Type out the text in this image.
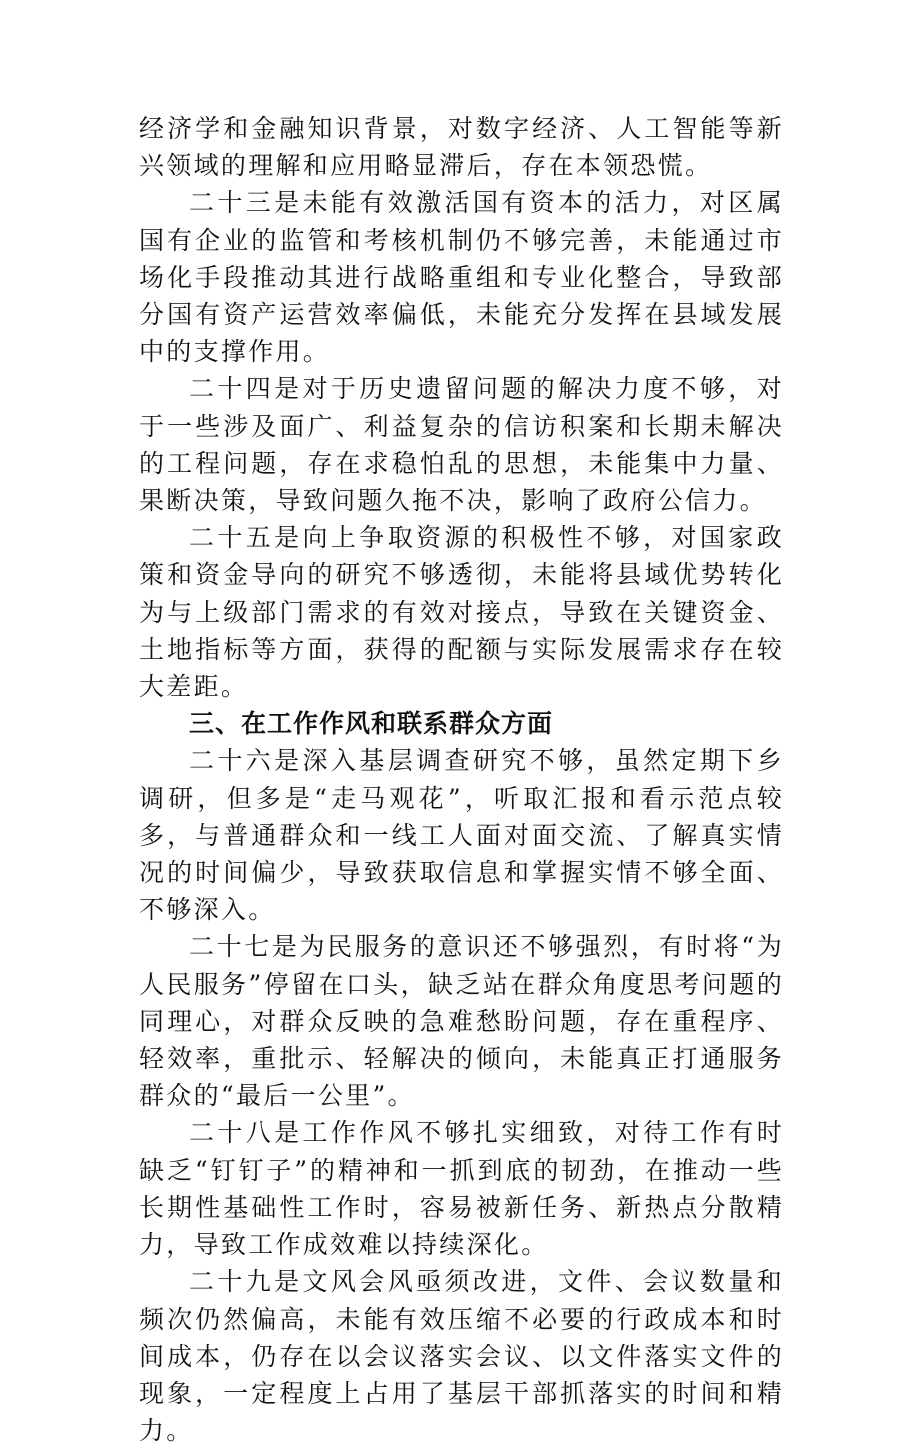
经济学和金融知识背景，对数字经济、人工智能等新兴领域的理解和应用略显滞后，存在本领恐慌。

二十三是未能有效激活国有资本的活力，对区属国有企业的监管和考核机制仍不够完善，未能通过市场化手段推动其进行战略重组和专业化整合，导致部分国有资产运营效率偏低，未能充分发挥在县域发展中的支撑作用。

二十四是对于历史遗留问题的解决力度不够，对于一些涉及面广、利益复杂的信访积案和长期未解决的工程问题，存在求稳怕乱的思想，未能集中力量、果断决策，导致问题久拖不决，影响了政府公信力。

二十五是向上争取资源的积极性不够，对国家政策和资金导向的研究不够透彻，未能将县域优势转化为与上级部门需求的有效对接点，导致在关键资金、土地指标等方面，获得的配额与实际发展需求存在较大差距。

三、在工作作风和联系群众方面

二十六是深入基层调查研究不够，虽然定期下乡调研，但多是“走马观花”，听取汇报和看示范点较多，与普通群众和一线工人面对面交流、了解真实情况的时间偏少，导致获取信息和掌握实情不够全面、不够深入。

二十七是为民服务的意识还不够强烈，有时将“为人民服务”停留在口头，缺乏站在群众角度思考问题的同理心，对群众反映的急难愁盼问题，存在重程序、轻效率，重批示、轻解决的倾向，未能真正打通服务群众的“最后一公里”。

二十八是工作作风不够扎实细致，对待工作有时缺乏“钉钉子”的精神和一抓到底的韧劲，在推动一些长期性基础性工作时，容易被新任务、新热点分散精力，导致工作成效难以持续深化。

二十九是文风会风亟须改进，文件、会议数量和频次仍然偏高，未能有效压缩不必要的行政成本和时间成本，仍存在以会议落实会议、以文件落实文件的现象，一定程度上占用了基层干部抓落实的时间和精力。
